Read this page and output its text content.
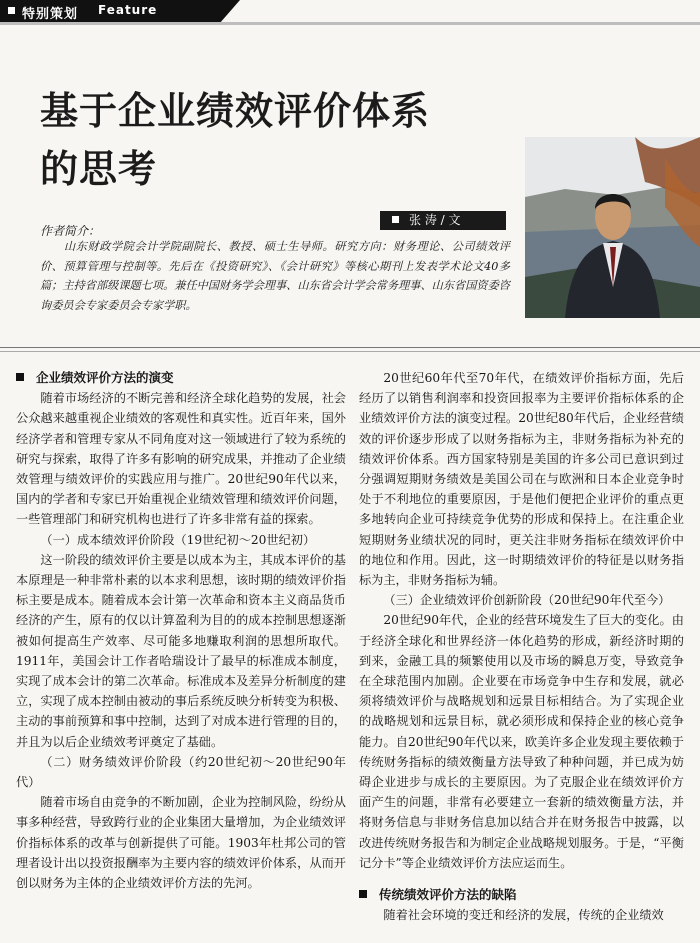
特别策划 Feature
基于企业绩效评价体系
的思考
张 涛 / 文
作者简介：
山东财政学院会计学院副院长、教授、硕士生导师。研究方向：财务理论、公司绩效评价、预算管理与控制等。先后在《投资研究》、《会计研究》等核心期刊上发表学术论文40多篇；主持省部级课题七项。兼任中国财务学会理事、山东省会计学会常务理事、山东省国资委咨询委员会专家委员会专家学职。
企业绩效评价方法的演变

随着市场经济的不断完善和经济全球化趋势的发展，社会公众越来越重视企业绩效的客观性和真实性。近百年来，国外经济学者和管理专家从不同角度对这一领域进行了较为系统的研究与探索，取得了许多有影响的研究成果，并推动了企业绩效管理与绩效评价的实践应用与推广。20世纪90年代以来，国内的学者和专家已开始重视企业绩效管理和绩效评价问题，一些管理部门和研究机构也进行了许多非常有益的探索。

（一）成本绩效评价阶段（19世纪初～20世纪初）

这一阶段的绩效评价主要是以成本为主，其成本评价的基本原理是一种非常朴素的以本求利思想，该时期的绩效评价指标主要是成本。随着成本会计第一次革命和资本主义商品货币经济的产生，原有的仅以计算盈利为目的的成本控制思想逐渐被如何提高生产效率、尽可能多地赚取利润的思想所取代。1911年，美国会计工作者哈瑞设计了最早的标准成本制度，实现了成本会计的第二次革命。标准成本及差异分析制度的建立，实现了成本控制由被动的事后系统反映分析转变为积极、主动的事前预算和事中控制，达到了对成本进行管理的目的，并且为以后企业绩效考评奠定了基础。

（二）财务绩效评价阶段（约20世纪初～20世纪90年代）

随着市场自由竞争的不断加剧，企业为控制风险，纷纷从事多种经营，导致跨行业的企业集团大量增加，为企业绩效评价指标体系的改革与创新提供了可能。1903年杜邦公司的管理者设计出以投资报酬率为主要内容的绩效评价体系，从而开创以财务为主体的企业绩效评价方法的先河。

20世纪60年代至70年代，在绩效评价指标方面，先后经历了以销售利润率和投资回报率为主要评价指标体系的企业绩效评价方法的演变过程。20世纪80年代后，企业经营绩效的评价逐步形成了以财务指标为主，非财务指标为补充的绩效评价体系。西方国家特别是美国的许多公司已意识到过分强调短期财务绩效是美国公司在与欧洲和日本企业竞争时处于不利地位的重要原因，于是他们便把企业评价的重点更多地转向企业可持续竞争优势的形成和保持上。在注重企业短期财务业绩状况的同时，更关注非财务指标在绩效评价中的地位和作用。因此，这一时期绩效评价的特征是以财务指标为主，非财务指标为辅。

（三）企业绩效评价创新阶段（20世纪90年代至今）

20世纪90年代，企业的经营环境发生了巨大的变化。由于经济全球化和世界经济一体化趋势的形成，新经济时期的到来，金融工具的频繁使用以及市场的瞬息万变，导致竞争在全球范围内加剧。企业要在市场竞争中生存和发展，就必须将绩效评价与战略规划和远景目标相结合。为了实现企业的战略规划和远景目标，就必须形成和保持企业的核心竞争能力。自20世纪90年代以来，欧美许多企业发现主要依赖于传统财务指标的绩效衡量方法导致了种种问题，并已成为妨碍企业进步与成长的主要原因。为了克服企业在绩效评价方面产生的问题，非常有必要建立一套新的绩效衡量方法，并将财务信息与非财务信息加以结合并在财务报告中披露，以改进传统财务报告和为制定企业战略规划服务。于是，“平衡记分卡”等企业绩效评价方法应运而生。

传统绩效评价方法的缺陷

随着社会环境的变迁和经济的发展，传统的企业绩效
